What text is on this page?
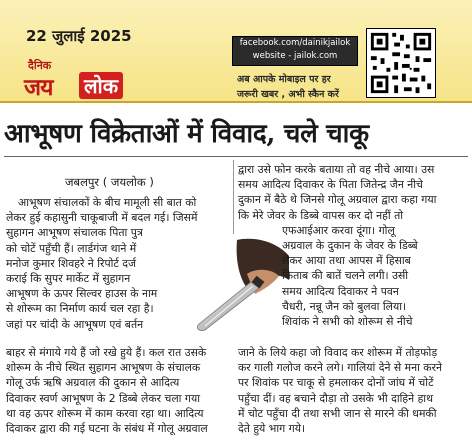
22 जुलाई 2025
दैनिक
जय लोक
facebook.com/dainikjailok
website - jailok.com
अब आपके मोबाइल पर हर
जरूरी खबर , अभी स्कैन करें
आभूषण विक्रेताओं में विवाद, चले चाकू
जबलपुर ( जयलोक )
आभूषण संचालकों के बीच मामूली सी बात को
लेकर हुई कहासुनी चाकूबाजी में बदल गई। जिसमें
सुहागन आभूषण संचालक पिता पुत्र
को चोटें पहुँची हैं। लार्डगंज थाने में
मनोज कुमार शिवहरे ने रिपोर्ट दर्ज
कराई कि सुपर मार्केट में सुहागन
आभूषण के ऊपर सिल्वर हाउस के नाम
से शोरूम का निर्माण कार्य चल रहा है।
जहां पर चांदी के आभूषण एवं बर्तन
बाहर से मंगाये गये हैं जो रखे हुये हैं। कल रात उसके
शोरूम के नीचे स्थित सुहागन आभूषण के संचालक
गोलू उर्फ ऋषि अग्रवाल की दुकान से आदित्य
दिवाकर स्वर्ण आभूषण के 2 डिब्बे लेकर चला गया
था वह ऊपर शोरूम में काम करवा रहा था। आदित्य
दिवाकर द्वारा की गई घटना के संबंध में गोलू अग्रवाल
द्वारा उसे फोन करके बताया तो वह नीचे आया। उस
समय आदित्य दिवाकर के पिता जितेन्द्र जैन नीचे
दुकान में बैठे थे जिनसे गोलू अग्रवाल द्वारा कहा गया
कि मेरे जेवर के डिब्बे वापस कर दो नहीं तो
एफआईआर करवा दूंगा। गोलू
अग्रवाल के दुकान के जेवर के डिब्बे
लेकर आया तथा आपस में हिसाब
किताब की बातें चलने लगी। उसी
समय आदित्य दिवाकर ने पवन
चैधरी, नन्नू जैन को बुलवा लिया।
शिवांक ने सभी को शोरूम से नीचे
जाने के लिये कहा जो विवाद कर शोरूम में तोड़फोड़
कर गाली गलोज करने लगे। गालियां देने से मना करने
पर शिवांक पर चाकू से हमलाकर दोनों जांघ में चोटें
पहुँचा दीं। वह बचाने दौड़ा तो उसके भी दाहिने हाथ
में चोट पहुँचा दी तथा सभी जान से मारने की धमकी
देते हुये भाग गये।
